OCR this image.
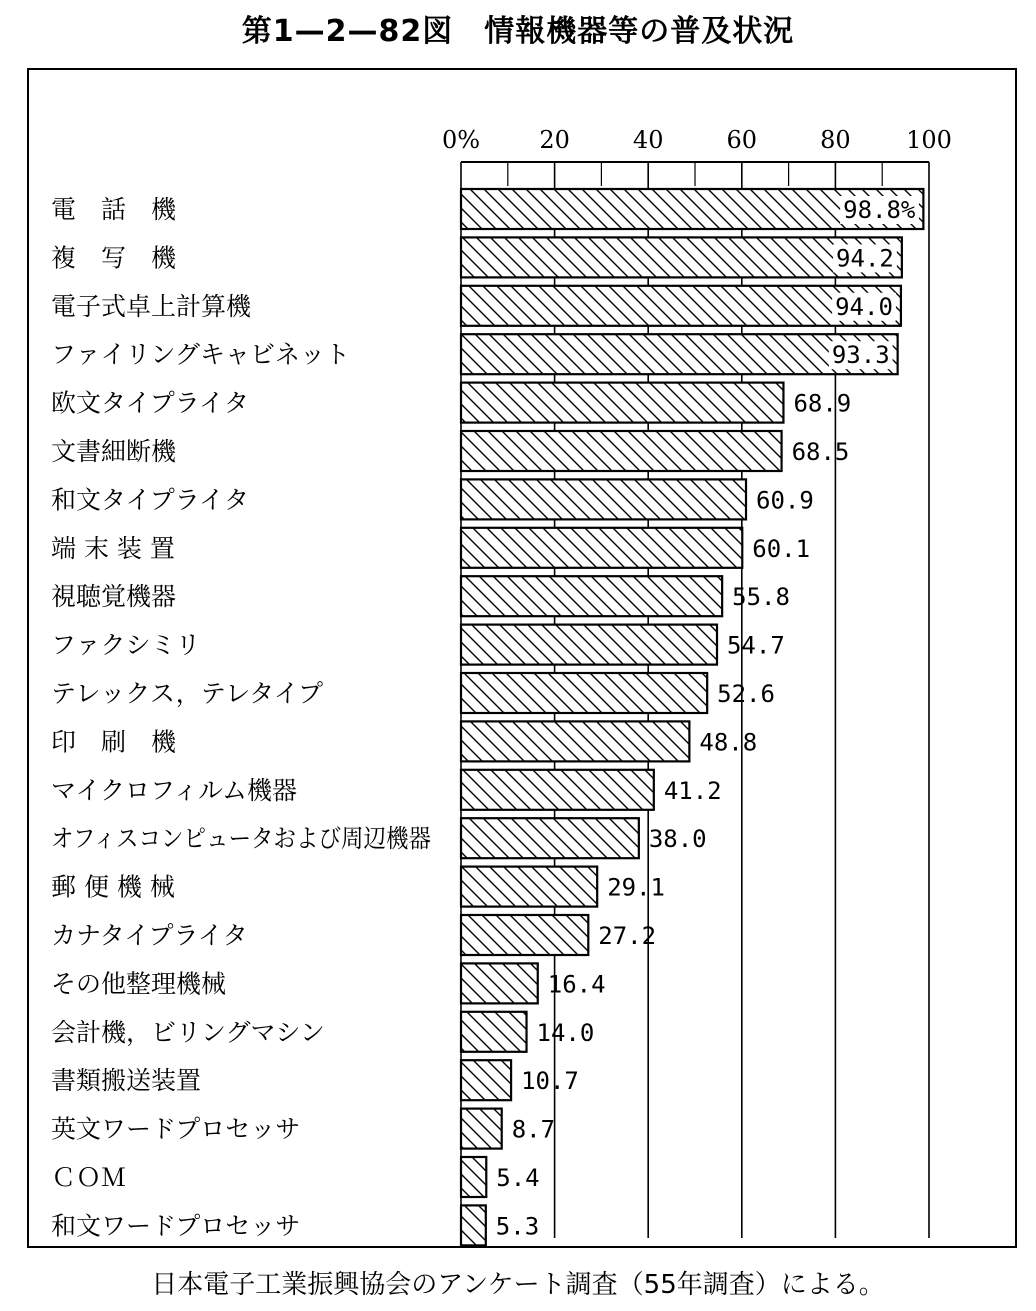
第1—2—82図　情報機器等の普及状況
0% 20	40	60	80 100
電　話　機	98.8%
複　写　機	94.2
電子式卓上計算機	94.0
ファイリングキャビネット	93.3
欧文タイプライタ	68.9
文書細断機	68.5
和文タイプライタ	60.9
端 末 装 置	60.1
視聴覚機器	55.8
ファクシミリ	54.7
テレックス，テレタイプ	52.6
印　刷　機	48.8
マイクロフィルム機器	41.2
オフィスコンピュータおよび周辺機器	38.0
郵 便 機 械	29.1
カナタイプライタ	27.2
その他整理機械	16.4
会計機，ビリングマシン	14.0
書類搬送装置	10.7
英文ワードプロセッサ	8.7
ＣＯＭ	5.4
和文ワードプロセッサ	5.3
日本電子工業振興協会のアンケート調査（55年調査）による。
